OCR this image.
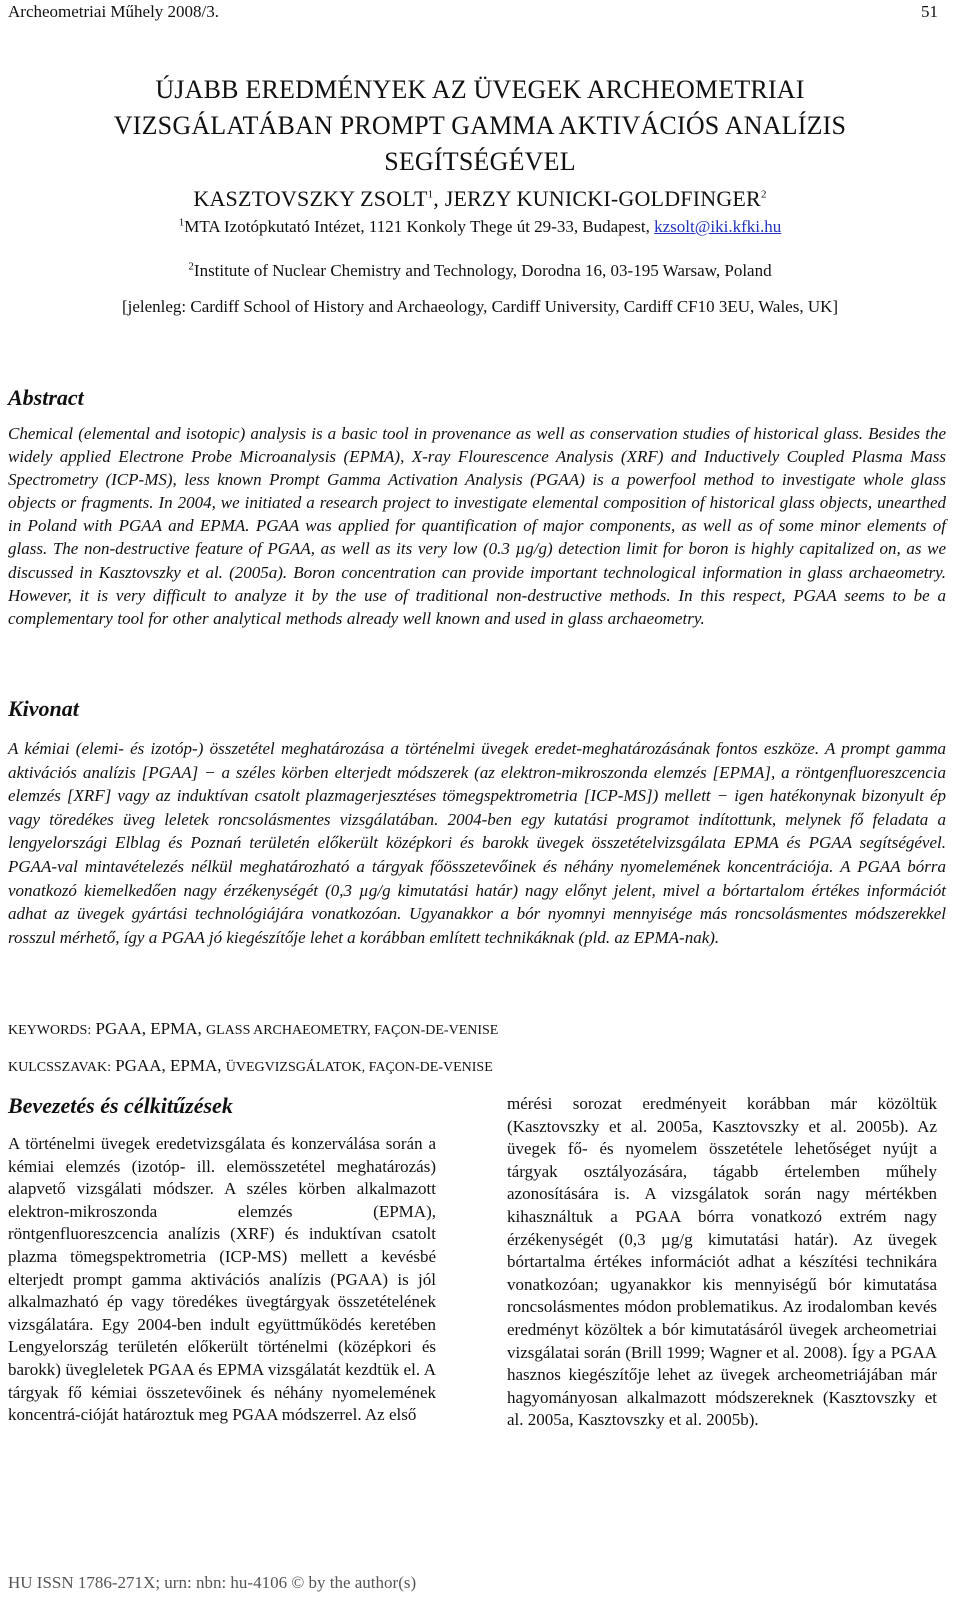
Archeometriai Műhely 2008/3.	51
ÚJABB EREDMÉNYEK AZ ÜVEGEK ARCHEOMETRIAI
VIZSGÁLATÁBAN PROMPT GAMMA AKTIVÁCIÓS ANALÍZIS
SEGÍTSÉGÉVEL
KASZTOVSZKY ZSOLT$^1$, JERZY KUNICKI-GOLDFINGER$^2$
$^1$MTA Izotópkutató Intézet, 1121 Konkoly Thege út 29-33, Budapest, kzsolt@iki.kfki.hu
$^2$Institute of Nuclear Chemistry and Technology, Dorodna 16, 03-195 Warsaw, Poland
[jelenleg: Cardiff School of History and Archaeology, Cardiff University, Cardiff CF10 3EU, Wales, UK]
Abstract
Chemical (elemental and isotopic) analysis is a basic tool in provenance as well as conservation studies of historical glass. Besides the widely applied Electrone Probe Microanalysis (EPMA), X-ray Flourescence Analysis (XRF) and Inductively Coupled Plasma Mass Spectrometry (ICP-MS), less known Prompt Gamma Activation Analysis (PGAA) is a powerfool method to investigate whole glass objects or fragments. In 2004, we initiated a research project to investigate elemental composition of historical glass objects, unearthed in Poland with PGAA and EPMA. PGAA was applied for quantification of major components, as well as of some minor elements of glass. The non-destructive feature of PGAA, as well as its very low (0.3 µg/g) detection limit for boron is highly capitalized on, as we discussed in Kasztovszky et al. (2005a). Boron concentration can provide important technological information in glass archaeometry. However, it is very difficult to analyze it by the use of traditional non-destructive methods. In this respect, PGAA seems to be a complementary tool for other analytical methods already well known and used in glass archaeometry.
Kivonat
A kémiai (elemi- és izotóp-) összetétel meghatározása a történelmi üvegek eredet-meghatározásának fontos eszköze. A prompt gamma aktivációs analízis [PGAA] − a széles körben elterjedt módszerek (az elektron-mikroszonda elemzés [EPMA], a röntgenfluoreszcencia elemzés [XRF] vagy az induktívan csatolt plazmagerjesztéses tömegspektrometria [ICP-MS]) mellett − igen hatékonynak bizonyult ép vagy töredékes üveg leletek roncsolásmentes vizsgálatában. 2004-ben egy kutatási programot indítottunk, melynek fő feladata a lengyelországi Elblag és Poznań területén előkerült középkori és barokk üvegek összetételvizsgálata EPMA és PGAA segítségével. PGAA-val mintavételezés nélkül meghatározható a tárgyak főösszetevőinek és néhány nyomelemének koncentrációja. A PGAA bórra vonatkozó kiemelkedően nagy érzékenységét (0,3 µg/g kimutatási határ) nagy előnyt jelent, mivel a bórtartalom értékes információt adhat az üvegek gyártási technológiájára vonatkozóan. Ugyanakkor a bór nyomnyi mennyisége más roncsolásmentes módszerekkel rosszul mérhető, így a PGAA jó kiegészítője lehet a korábban említett technikáknak (pld. az EPMA-nak).
KEYWORDS: PGAA, EPMA, GLASS ARCHAEOMETRY, FAÇON-DE-VENISE
KULCSSZAVAK: PGAA, EPMA, ÜVEGVIZSGÁLATOK, FAÇON-DE-VENISE
Bevezetés és célkitűzések
A történelmi üvegek eredetvizsgálata és konzerválása során a kémiai elemzés (izotóp- ill. elemösszetétel meghatározás) alapvető vizsgálati módszer. A széles körben alkalmazott elektron-mikroszonda elemzés (EPMA), röntgenfluoreszcencia analízis (XRF) és induktívan csatolt plazma tömegspektrometria (ICP-MS) mellett a kevésbé elterjedt prompt gamma aktivációs analízis (PGAA) is jól alkalmazható ép vagy töredékes üvegtárgyak összetételének vizsgálatára. Egy 2004-ben indult együttműködés keretében Lengyelország területén előkerült történelmi (középkori és barokk) üvegleletek PGAA és EPMA vizsgálatát kezdtük el. A tárgyak fő kémiai összetevőinek és néhány nyomelemének koncentrá-cióját határoztuk meg PGAA módszerrel. Az első
mérési sorozat eredményeit korábban már közöltük (Kasztovszky et al. 2005a, Kasztovszky et al. 2005b). Az üvegek fő- és nyomelem összetétele lehetőséget nyújt a tárgyak osztályozására, tágabb értelemben műhely azonosítására is. A vizsgálatok során nagy mértékben kihasználtuk a PGAA bórra vonatkozó extrém nagy érzékenységét (0,3 µg/g kimutatási határ). Az üvegek bórtartalma értékes információt adhat a készítési technikára vonatkozóan; ugyanakkor kis mennyiségű bór kimutatása roncsolásmentes módon problematikus. Az irodalomban kevés eredményt közöltek a bór kimutatásáról üvegek archeometriai vizsgálatai során (Brill 1999; Wagner et al. 2008). Így a PGAA hasznos kiegészítője lehet az üvegek archeometriájában már hagyományosan alkalmazott módszereknek (Kasztovszky et al. 2005a, Kasztovszky et al. 2005b).
HU ISSN 1786-271X; urn: nbn: hu-4106 © by the author(s)
